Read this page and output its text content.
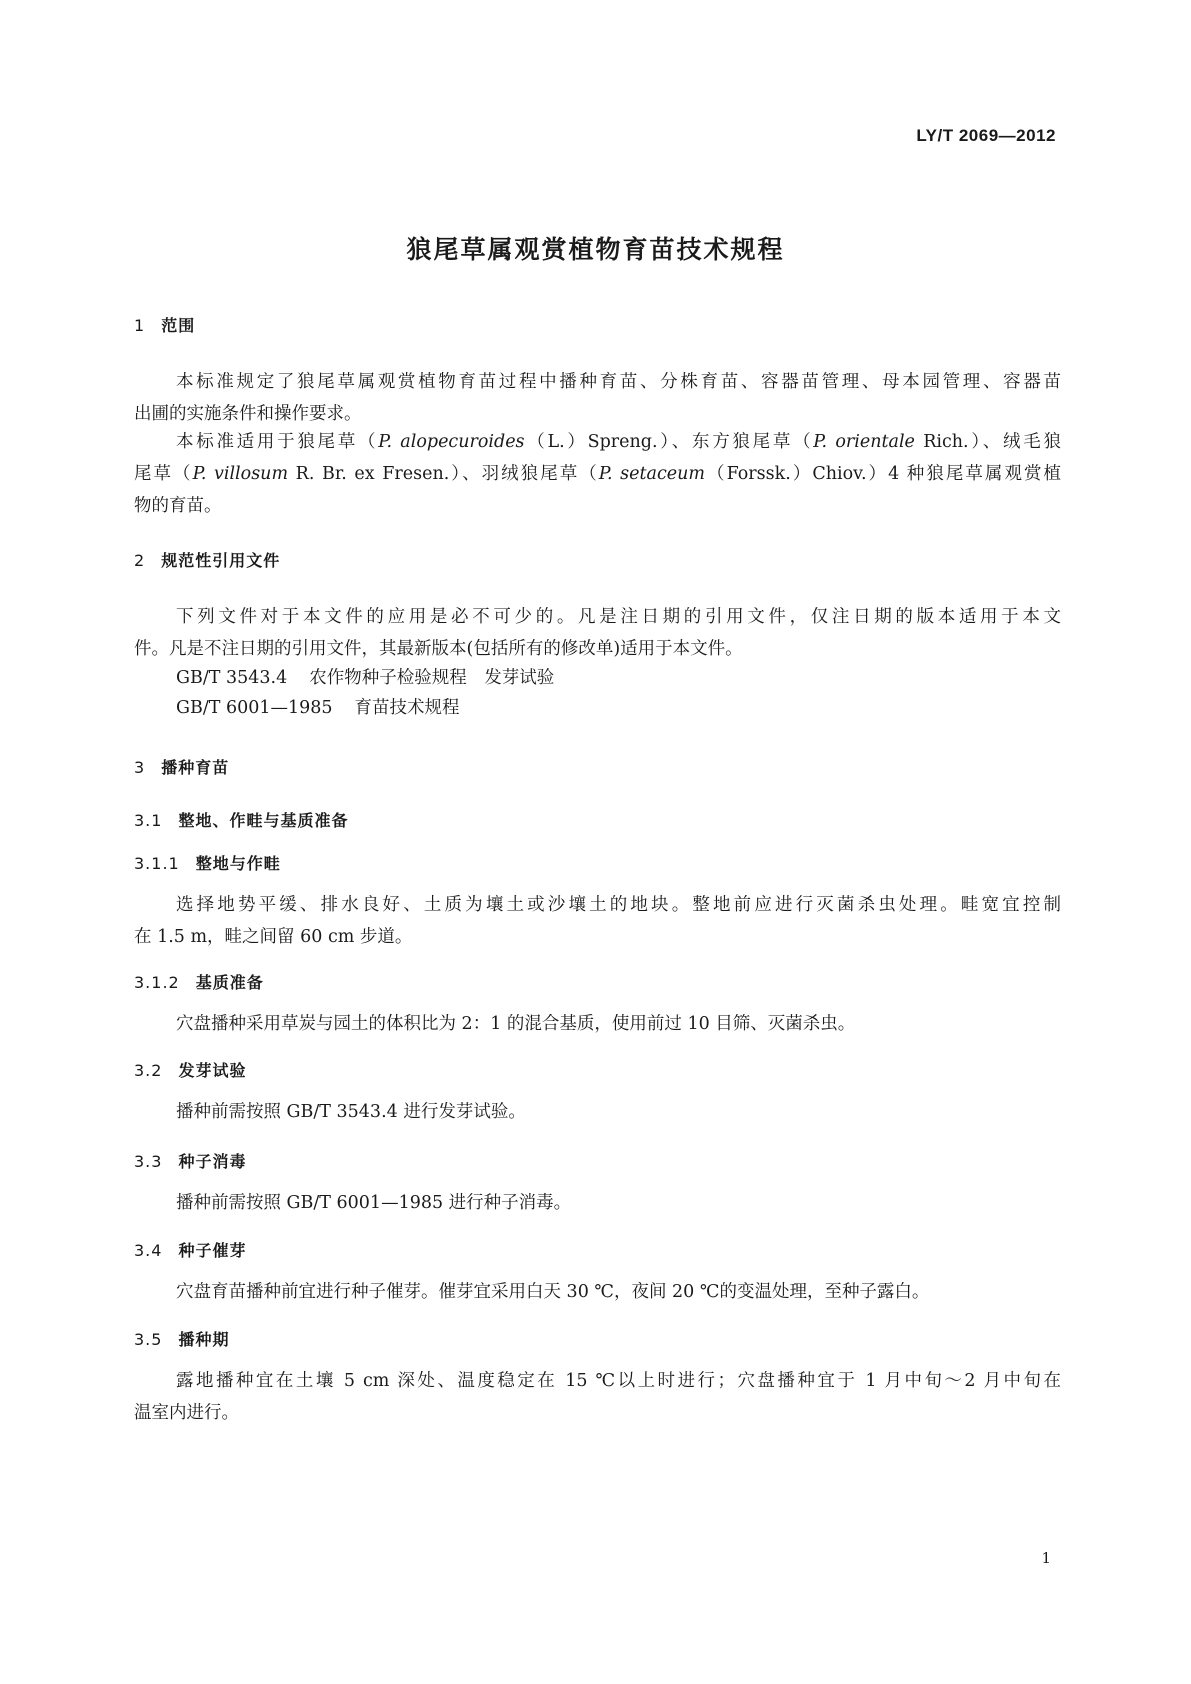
LY/T 2069—2012
狼尾草属观赏植物育苗技术规程
1 范围
本标准规定了狼尾草属观赏植物育苗过程中播种育苗、分株育苗、容器苗管理、母本园管理、容器苗
出圃的实施条件和操作要求。
本标准适用于狼尾草（P. alopecuroides（L.）Spreng.）、东方狼尾草（P. orientale Rich.）、绒毛狼
尾草（P. villosum R. Br. ex Fresen.）、羽绒狼尾草（P. setaceum（Forssk.）Chiov.）4 种狼尾草属观赏植
物的育苗。
2 规范性引用文件
下列文件对于本文件的应用是必不可少的。凡是注日期的引用文件，仅注日期的版本适用于本文
件。凡是不注日期的引用文件，其最新版本(包括所有的修改单)适用于本文件。
GB/T 3543.4 农作物种子检验规程　发芽试验
GB/T 6001—1985 育苗技术规程
3 播种育苗
3.1 整地、作畦与基质准备
3.1.1 整地与作畦
选择地势平缓、排水良好、土质为壤土或沙壤土的地块。整地前应进行灭菌杀虫处理。畦宽宜控制
在 1.5 m，畦之间留 60 cm 步道。
3.1.2 基质准备
穴盘播种采用草炭与园土的体积比为 2：1 的混合基质，使用前过 10 目筛、灭菌杀虫。
3.2 发芽试验
播种前需按照 GB/T 3543.4 进行发芽试验。
3.3 种子消毒
播种前需按照 GB/T 6001—1985 进行种子消毒。
3.4 种子催芽
穴盘育苗播种前宜进行种子催芽。催芽宜采用白天 30 ℃，夜间 20 ℃的变温处理，至种子露白。
3.5 播种期
露地播种宜在土壤 5 cm 深处、温度稳定在 15 ℃以上时进行；穴盘播种宜于 1 月中旬～2 月中旬在
温室内进行。
1
